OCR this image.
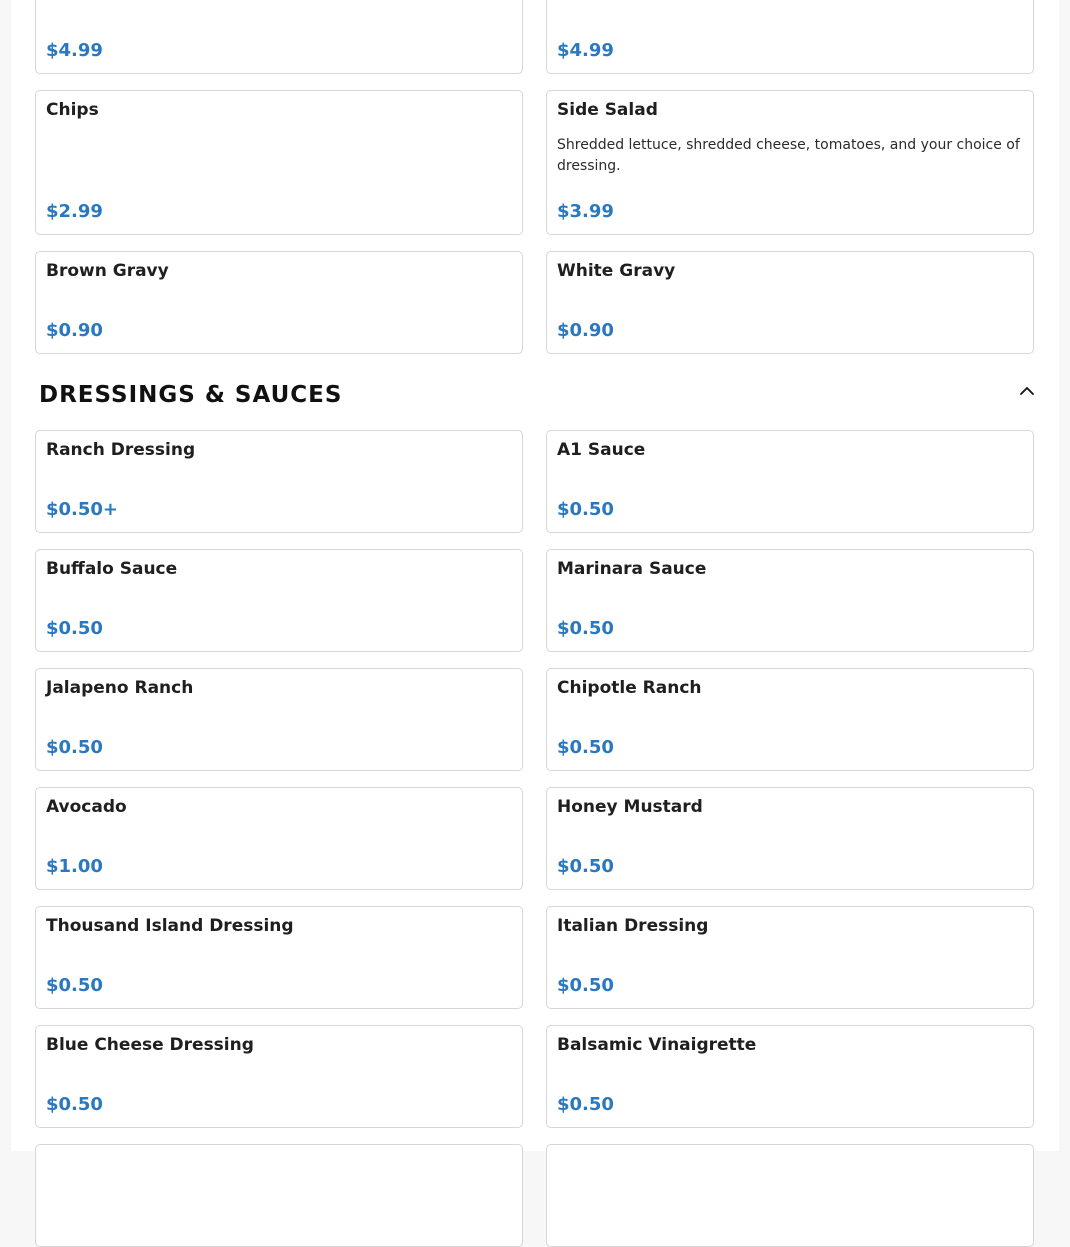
$4.99	$4.99
Chips
$2.99
Side Salad
Shredded lettuce, shredded cheese, tomatoes, and your choice of dressing.
$3.99
Brown Gravy
$0.90
White Gravy
$0.90
DRESSINGS & SAUCES
Ranch Dressing
$0.50+
A1 Sauce
$0.50
Buffalo Sauce
$0.50
Marinara Sauce
$0.50
Jalapeno Ranch
$0.50
Chipotle Ranch
$0.50
Avocado
$1.00
Honey Mustard
$0.50
Thousand Island Dressing
$0.50
Italian Dressing
$0.50
Blue Cheese Dressing
$0.50
Balsamic Vinaigrette
$0.50
